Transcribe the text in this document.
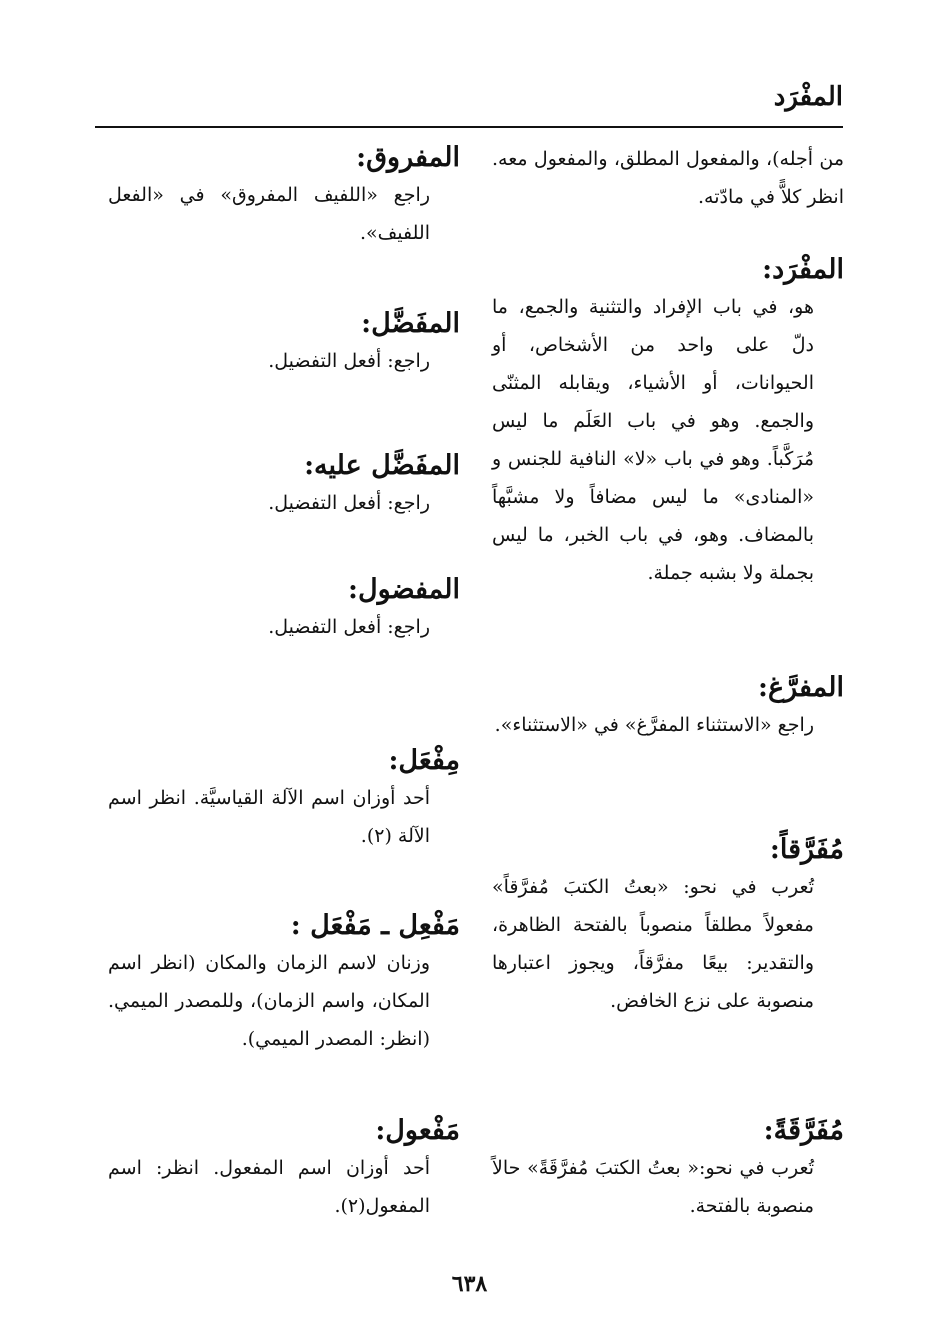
المفْرَد

من أجله)، والمفعول المطلق، والمفعول معه. انظر كلاًّ في مادّته.

المفْرَد:

هو، في باب الإفراد والتثنية والجمع، ما دلّ على واحد من الأشخاص، أو الحيوانات، أو الأشياء، ويقابله المثنّى والجمع. وهو في باب العَلَم ما ليس مُرَكَّباً. وهو في باب «لا» النافية للجنس و «المنادى» ما ليس مضافاً ولا مشبَّهاً بالمضاف. وهو، في باب الخبر، ما ليس بجملة ولا بشبه جملة.

المفرَّغ:

راجع «الاستثناء المفرَّغ» في «الاستثناء».

مُفَرَّقاً:

تُعرب في نحو: «بعتُ الكتبَ مُفرَّقاً» مفعولاً مطلقاً منصوباً بالفتحة الظاهرة، والتقدير: بيعًا مفرَّقاً، ويجوز اعتبارها منصوبة على نزع الخافض.

مُفَرَّقَةً:

تُعرب في نحو:« بعتُ الكتبَ مُفرَّقَةً» حالاً منصوبة بالفتحة.

المفروق:

راجع «اللفيف المفروق» في «الفعل اللفيف».

المفَضَّل:

راجع: أفعل التفضيل.

المفَضَّل عليه:

راجع: أفعل التفضيل.

المفضول:

راجع: أفعل التفضيل.

مِفْعَل:

أحد أوزان اسم الآلة القياسيَّة. انظر اسم الآلة (٢).

مَفْعِل ـ مَفْعَل :

وزنان لاسم الزمان والمكان (انظر اسم المكان، واسم الزمان)، وللمصدر الميمي. (انظر: المصدر الميمي).

مَفْعول:

أحد أوزان اسم المفعول. انظر: اسم المفعول(٢).

٦٣٨
